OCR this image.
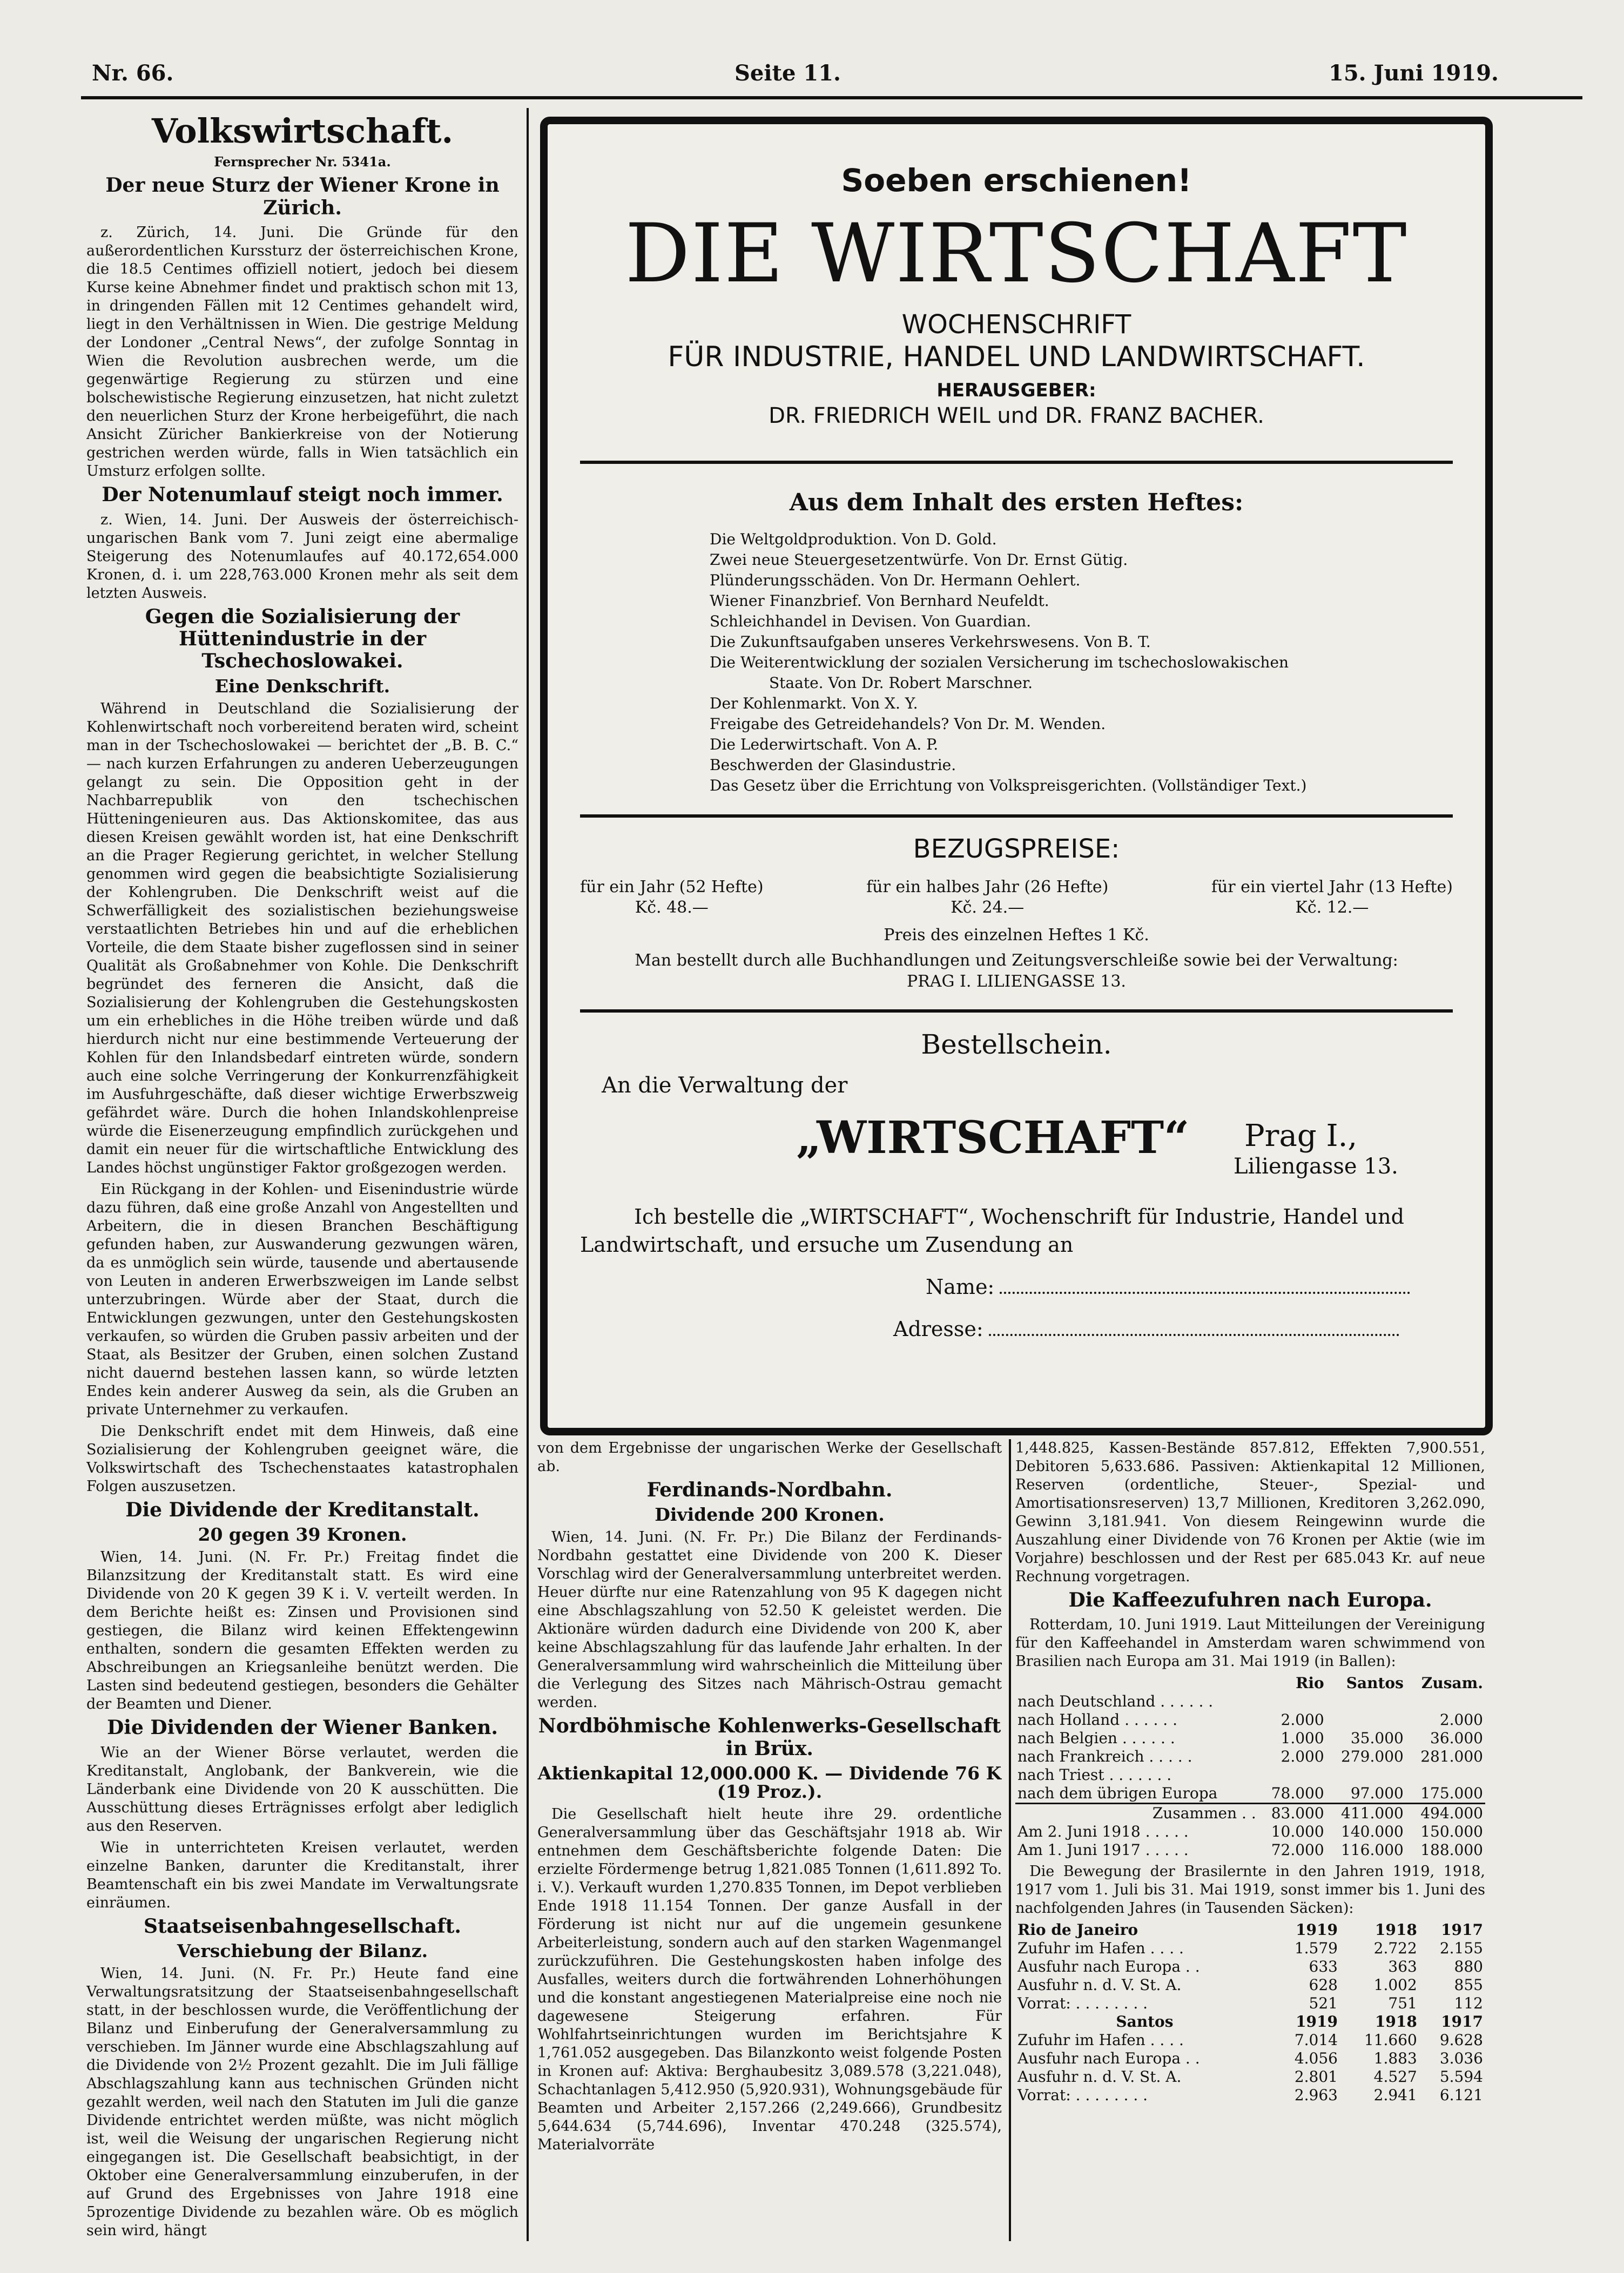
Nr. 66.	Seite 11.	15. Juni 1919.
Volkswirtschaft.
Fernsprecher Nr. 5341a.
Der neue Sturz der Wiener Krone in Zürich.

z. Zürich, 14. Juni. Die Gründe für den außerordentlichen Kurssturz der österreichischen Krone, die 18.5 Centimes offiziell notiert, jedoch bei diesem Kurse keine Abnehmer findet und praktisch schon mit 13, in dringenden Fällen mit 12 Centimes gehandelt wird, liegt in den Verhältnissen in Wien. Die gestrige Meldung der Londoner „Central News“, der zufolge Sonntag in Wien die Revolution ausbrechen werde, um die gegenwärtige Regierung zu stürzen und eine bolschewistische Regierung einzusetzen, hat nicht zuletzt den neuerlichen Sturz der Krone herbeigeführt, die nach Ansicht Züricher Bankierkreise von der Notierung gestrichen werden würde, falls in Wien tatsächlich ein Umsturz erfolgen sollte.

Der Notenumlauf steigt noch immer.

z. Wien, 14. Juni. Der Ausweis der österreichisch-ungarischen Bank vom 7. Juni zeigt eine abermalige Steigerung des Notenumlaufes auf 40.172,654.000 Kronen, d. i. um 228,763.000 Kronen mehr als seit dem letzten Ausweis.

Gegen die Sozialisierung der Hüttenindustrie in der Tschechoslowakei.
Eine Denkschrift.

Während in Deutschland die Sozialisierung der Kohlenwirtschaft noch vorbereitend beraten wird, scheint man in der Tschechoslowakei — berichtet der „B. B. C.“ — nach kurzen Erfahrungen zu anderen Ueberzeugungen gelangt zu sein. Die Opposition geht in der Nachbarrepublik von den tschechischen Hütteningenieuren aus. Das Aktionskomitee, das aus diesen Kreisen gewählt worden ist, hat eine Denkschrift an die Prager Regierung gerichtet, in welcher Stellung genommen wird gegen die beabsichtigte Sozialisierung der Kohlengruben. Die Denkschrift weist auf die Schwerfälligkeit des sozialistischen beziehungsweise verstaatlichten Betriebes hin und auf die erheblichen Vorteile, die dem Staate bisher zugeflossen sind in seiner Qualität als Großabnehmer von Kohle. Die Denkschrift begründet des ferneren die Ansicht, daß die Sozialisierung der Kohlengruben die Gestehungskosten um ein erhebliches in die Höhe treiben würde und daß hierdurch nicht nur eine bestimmende Verteuerung der Kohlen für den Inlandsbedarf eintreten würde, sondern auch eine solche Verringerung der Konkurrenzfähigkeit im Ausfuhrgeschäfte, daß dieser wichtige Erwerbszweig gefährdet wäre. Durch die hohen Inlandskohlenpreise würde die Eisenerzeugung empfindlich zurückgehen und damit ein neuer für die wirtschaftliche Entwicklung des Landes höchst ungünstiger Faktor großgezogen werden.

Ein Rückgang in der Kohlen- und Eisenindustrie würde dazu führen, daß eine große Anzahl von Angestellten und Arbeitern, die in diesen Branchen Beschäftigung gefunden haben, zur Auswanderung gezwungen wären, da es unmöglich sein würde, tausende und abertausende von Leuten in anderen Erwerbszweigen im Lande selbst unterzubringen. Würde aber der Staat, durch die Entwicklungen gezwungen, unter den Gestehungskosten verkaufen, so würden die Gruben passiv arbeiten und der Staat, als Besitzer der Gruben, einen solchen Zustand nicht dauernd bestehen lassen kann, so würde letzten Endes kein anderer Ausweg da sein, als die Gruben an private Unternehmer zu verkaufen.

Die Denkschrift endet mit dem Hinweis, daß eine Sozialisierung der Kohlengruben geeignet wäre, die Volkswirtschaft des Tschechenstaates katastrophalen Folgen auszusetzen.

Die Dividende der Kreditanstalt.
20 gegen 39 Kronen.

Wien, 14. Juni. (N. Fr. Pr.) Freitag findet die Bilanzsitzung der Kreditanstalt statt. Es wird eine Dividende von 20 K gegen 39 K i. V. verteilt werden. In dem Berichte heißt es: Zinsen und Provisionen sind gestiegen, die Bilanz wird keinen Effektengewinn enthalten, sondern die gesamten Effekten werden zu Abschreibungen an Kriegsanleihe benützt werden. Die Lasten sind bedeutend gestiegen, besonders die Gehälter der Beamten und Diener.

Die Dividenden der Wiener Banken.

Wie an der Wiener Börse verlautet, werden die Kreditanstalt, Anglobank, der Bankverein, wie die Länderbank eine Dividende von 20 K ausschütten. Die Ausschüttung dieses Erträgnisses erfolgt aber lediglich aus den Reserven.

Wie in unterrichteten Kreisen verlautet, werden einzelne Banken, darunter die Kreditanstalt, ihrer Beamtenschaft ein bis zwei Mandate im Verwaltungsrate einräumen.

Staatseisenbahngesellschaft.
Verschiebung der Bilanz.

Wien, 14. Juni. (N. Fr. Pr.) Heute fand eine Verwaltungsratsitzung der Staatseisenbahngesellschaft statt, in der beschlossen wurde, die Veröffentlichung der Bilanz und Einberufung der Generalversammlung zu verschieben. Im Jänner wurde eine Abschlagszahlung auf die Dividende von 2½ Prozent gezahlt. Die im Juli fällige Abschlagszahlung kann aus technischen Gründen nicht gezahlt werden, weil nach den Statuten im Juli die ganze Dividende entrichtet werden müßte, was nicht möglich ist, weil die Weisung der ungarischen Regierung nicht eingegangen ist. Die Gesellschaft beabsichtigt, in der Oktober eine Generalversammlung einzuberufen, in der auf Grund des Ergebnisses von Jahre 1918 eine 5prozentige Dividende zu bezahlen wäre. Ob es möglich sein wird, hängt

Soeben erschienen!
DIE WIRTSCHAFT
WOCHENSCHRIFT
FÜR INDUSTRIE, HANDEL UND LANDWIRTSCHAFT.
HERAUSGEBER:
DR. FRIEDRICH WEIL und DR. FRANZ BACHER.
Aus dem Inhalt des ersten Heftes:
Die Weltgoldproduktion. Von D. Gold.
Zwei neue Steuergesetzentwürfe. Von Dr. Ernst Gütig.
Plünderungsschäden. Von Dr. Hermann Oehlert.
Wiener Finanzbrief. Von Bernhard Neufeldt.
Schleichhandel in Devisen. Von Guardian.
Die Zukunftsaufgaben unseres Verkehrswesens. Von B. T.
Die Weiterentwicklung der sozialen Versicherung im tschechoslowakischen
Staate. Von Dr. Robert Marschner.
Der Kohlenmarkt. Von X. Y.
Freigabe des Getreidehandels? Von Dr. M. Wenden.
Die Lederwirtschaft. Von A. P.
Beschwerden der Glasindustrie.
Das Gesetz über die Errichtung von Volkspreisgerichten. (Vollständiger Text.)
BEZUGSPREISE:
für ein Jahr (52 Hefte)
Kč. 48.—
für ein halbes Jahr (26 Hefte)
Kč. 24.—
für ein viertel Jahr (13 Hefte)
Kč. 12.—
Preis des einzelnen Heftes 1 Kč.
Man bestellt durch alle Buchhandlungen und Zeitungsverschleiße sowie bei der Verwaltung:
PRAG I. LILIENGASSE 13.
Bestellschein.
An die Verwaltung der
„WIRTSCHAFT“ Prag I.,
Liliengasse 13.
Ich bestelle die „WIRTSCHAFT“, Wochenschrift für Industrie, Handel und Landwirtschaft, und ersuche um Zusendung an
Name:
Adresse:

von dem Ergebnisse der ungarischen Werke der Gesellschaft ab.

Ferdinands-Nordbahn.
Dividende 200 Kronen.

Wien, 14. Juni. (N. Fr. Pr.) Die Bilanz der Ferdinands-Nordbahn gestattet eine Dividende von 200 K. Dieser Vorschlag wird der Generalversammlung unterbreitet werden. Heuer dürfte nur eine Ratenzahlung von 95 K dagegen nicht eine Abschlagszahlung von 52.50 K geleistet werden. Die Aktionäre würden dadurch eine Dividende von 200 K, aber keine Abschlagszahlung für das laufende Jahr erhalten. In der Generalversammlung wird wahrscheinlich die Mitteilung über die Verlegung des Sitzes nach Mährisch-Ostrau gemacht werden.

Nordböhmische Kohlenwerks-Gesellschaft in Brüx.
Aktienkapital 12,000.000 K. — Dividende 76 K (19 Proz.).

Die Gesellschaft hielt heute ihre 29. ordentliche Generalversammlung über das Geschäftsjahr 1918 ab. Wir entnehmen dem Geschäftsberichte folgende Daten: Die erzielte Fördermenge betrug 1,821.085 Tonnen (1,611.892 To. i. V.). Verkauft wurden 1,270.835 Tonnen, im Depot verblieben Ende 1918 11.154 Tonnen. Der ganze Ausfall in der Förderung ist nicht nur auf die ungemein gesunkene Arbeiterleistung, sondern auch auf den starken Wagenmangel zurückzuführen. Die Gestehungskosten haben infolge des Ausfalles, weiters durch die fortwährenden Lohnerhöhungen und die konstant angestiegenen Materialpreise eine noch nie dagewesene Steigerung erfahren. Für Wohlfahrtseinrichtungen wurden im Berichtsjahre K 1,761.052 ausgegeben. Das Bilanzkonto weist folgende Posten in Kronen auf: Aktiva: Berghaubesitz 3,089.578 (3,221.048), Schachtanlagen 5,412.950 (5,920.931), Wohnungsgebäude für Beamten und Arbeiter 2,157.266 (2,249.666), Grundbesitz 5,644.634 (5,744.696), Inventar 470.248 (325.574), Materialvorräte

1,448.825, Kassen-Bestände 857.812, Effekten 7,900.551, Debitoren 5,633.686. Passiven: Aktienkapital 12 Millionen, Reserven (ordentliche, Steuer-, Spezial- und Amortisationsreserven) 13,7 Millionen, Kreditoren 3,262.090, Gewinn 3,181.941. Von diesem Reingewinn wurde die Auszahlung einer Dividende von 76 Kronen per Aktie (wie im Vorjahre) beschlossen und der Rest per 685.043 Kr. auf neue Rechnung vorgetragen.

Die Kaffeezufuhren nach Europa.

Rotterdam, 10. Juni 1919. Laut Mitteilungen der Vereinigung für den Kaffeehandel in Amsterdam waren schwimmend von Brasilien nach Europa am 31. Mai 1919 (in Ballen):

	Rio	Santos	Zusam.
nach Deutschland . . . . . .			
nach Holland . . . . . .	2.000		2.000
nach Belgien . . . . . .	1.000	35.000	36.000
nach Frankreich . . . . .	2.000	279.000	281.000
nach Triest . . . . . . .			
nach dem übrigen Europa	78.000	97.000	175.000
Zusammen . .	83.000	411.000	494.000
Am 2. Juni 1918 . . . . .	10.000	140.000	150.000
Am 1. Juni 1917 . . . . .	72.000	116.000	188.000

Die Bewegung der Brasilernte in den Jahren 1919, 1918, 1917 vom 1. Juli bis 31. Mai 1919, sonst immer bis 1. Juni des nachfolgenden Jahres (in Tausenden Säcken):

Rio de Janeiro	1919	1918	1917
Zufuhr im Hafen . . . .	1.579	2.722	2.155
Ausfuhr nach Europa . .	633	363	880
Ausfuhr n. d. V. St. A.	628	1.002	855
Vorrat: . . . . . . . .	521	751	112
Santos	1919	1918	1917
Zufuhr im Hafen . . . .	7.014	11.660	9.628
Ausfuhr nach Europa . .	4.056	1.883	3.036
Ausfuhr n. d. V. St. A.	2.801	4.527	5.594
Vorrat: . . . . . . . .	2.963	2.941	6.121
